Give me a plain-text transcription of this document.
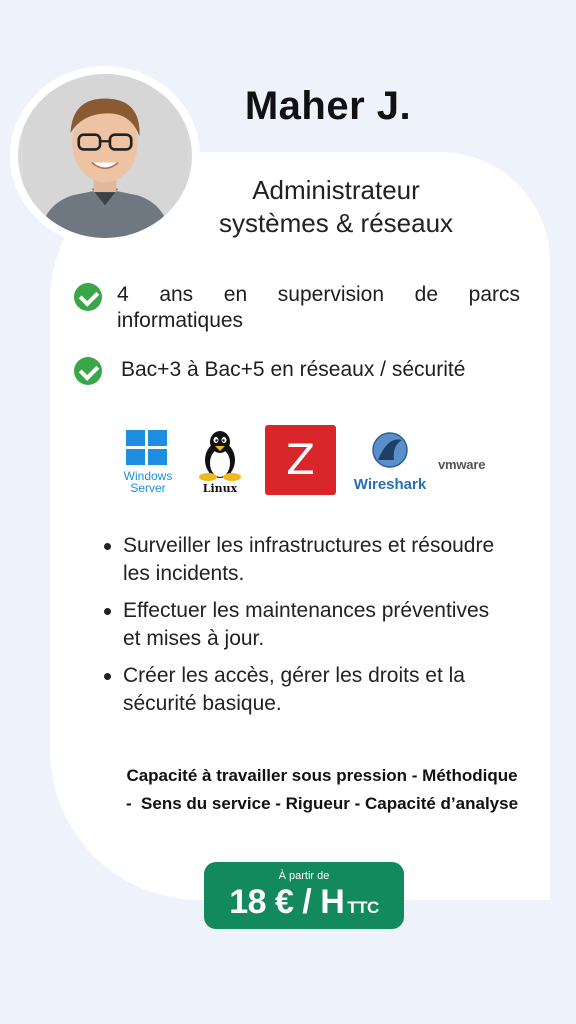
Maher J.
Administrateur
systèmes & réseaux
4 ans en supervision de parcs informatiques
Bac+3 à Bac+5 en réseaux / sécurité
Windows
Server	Linux
Z
Wireshark
vmware
Surveiller les infrastructures et résoudre les incidents.
Effectuer les maintenances préventives et mises à jour.
Créer les accès, gérer les droits et la sécurité basique.
Capacité à travailler sous pression - Méthodique
-  Sens du service - Rigueur - Capacité d’analyse
À partir de
18 € / H TTC
